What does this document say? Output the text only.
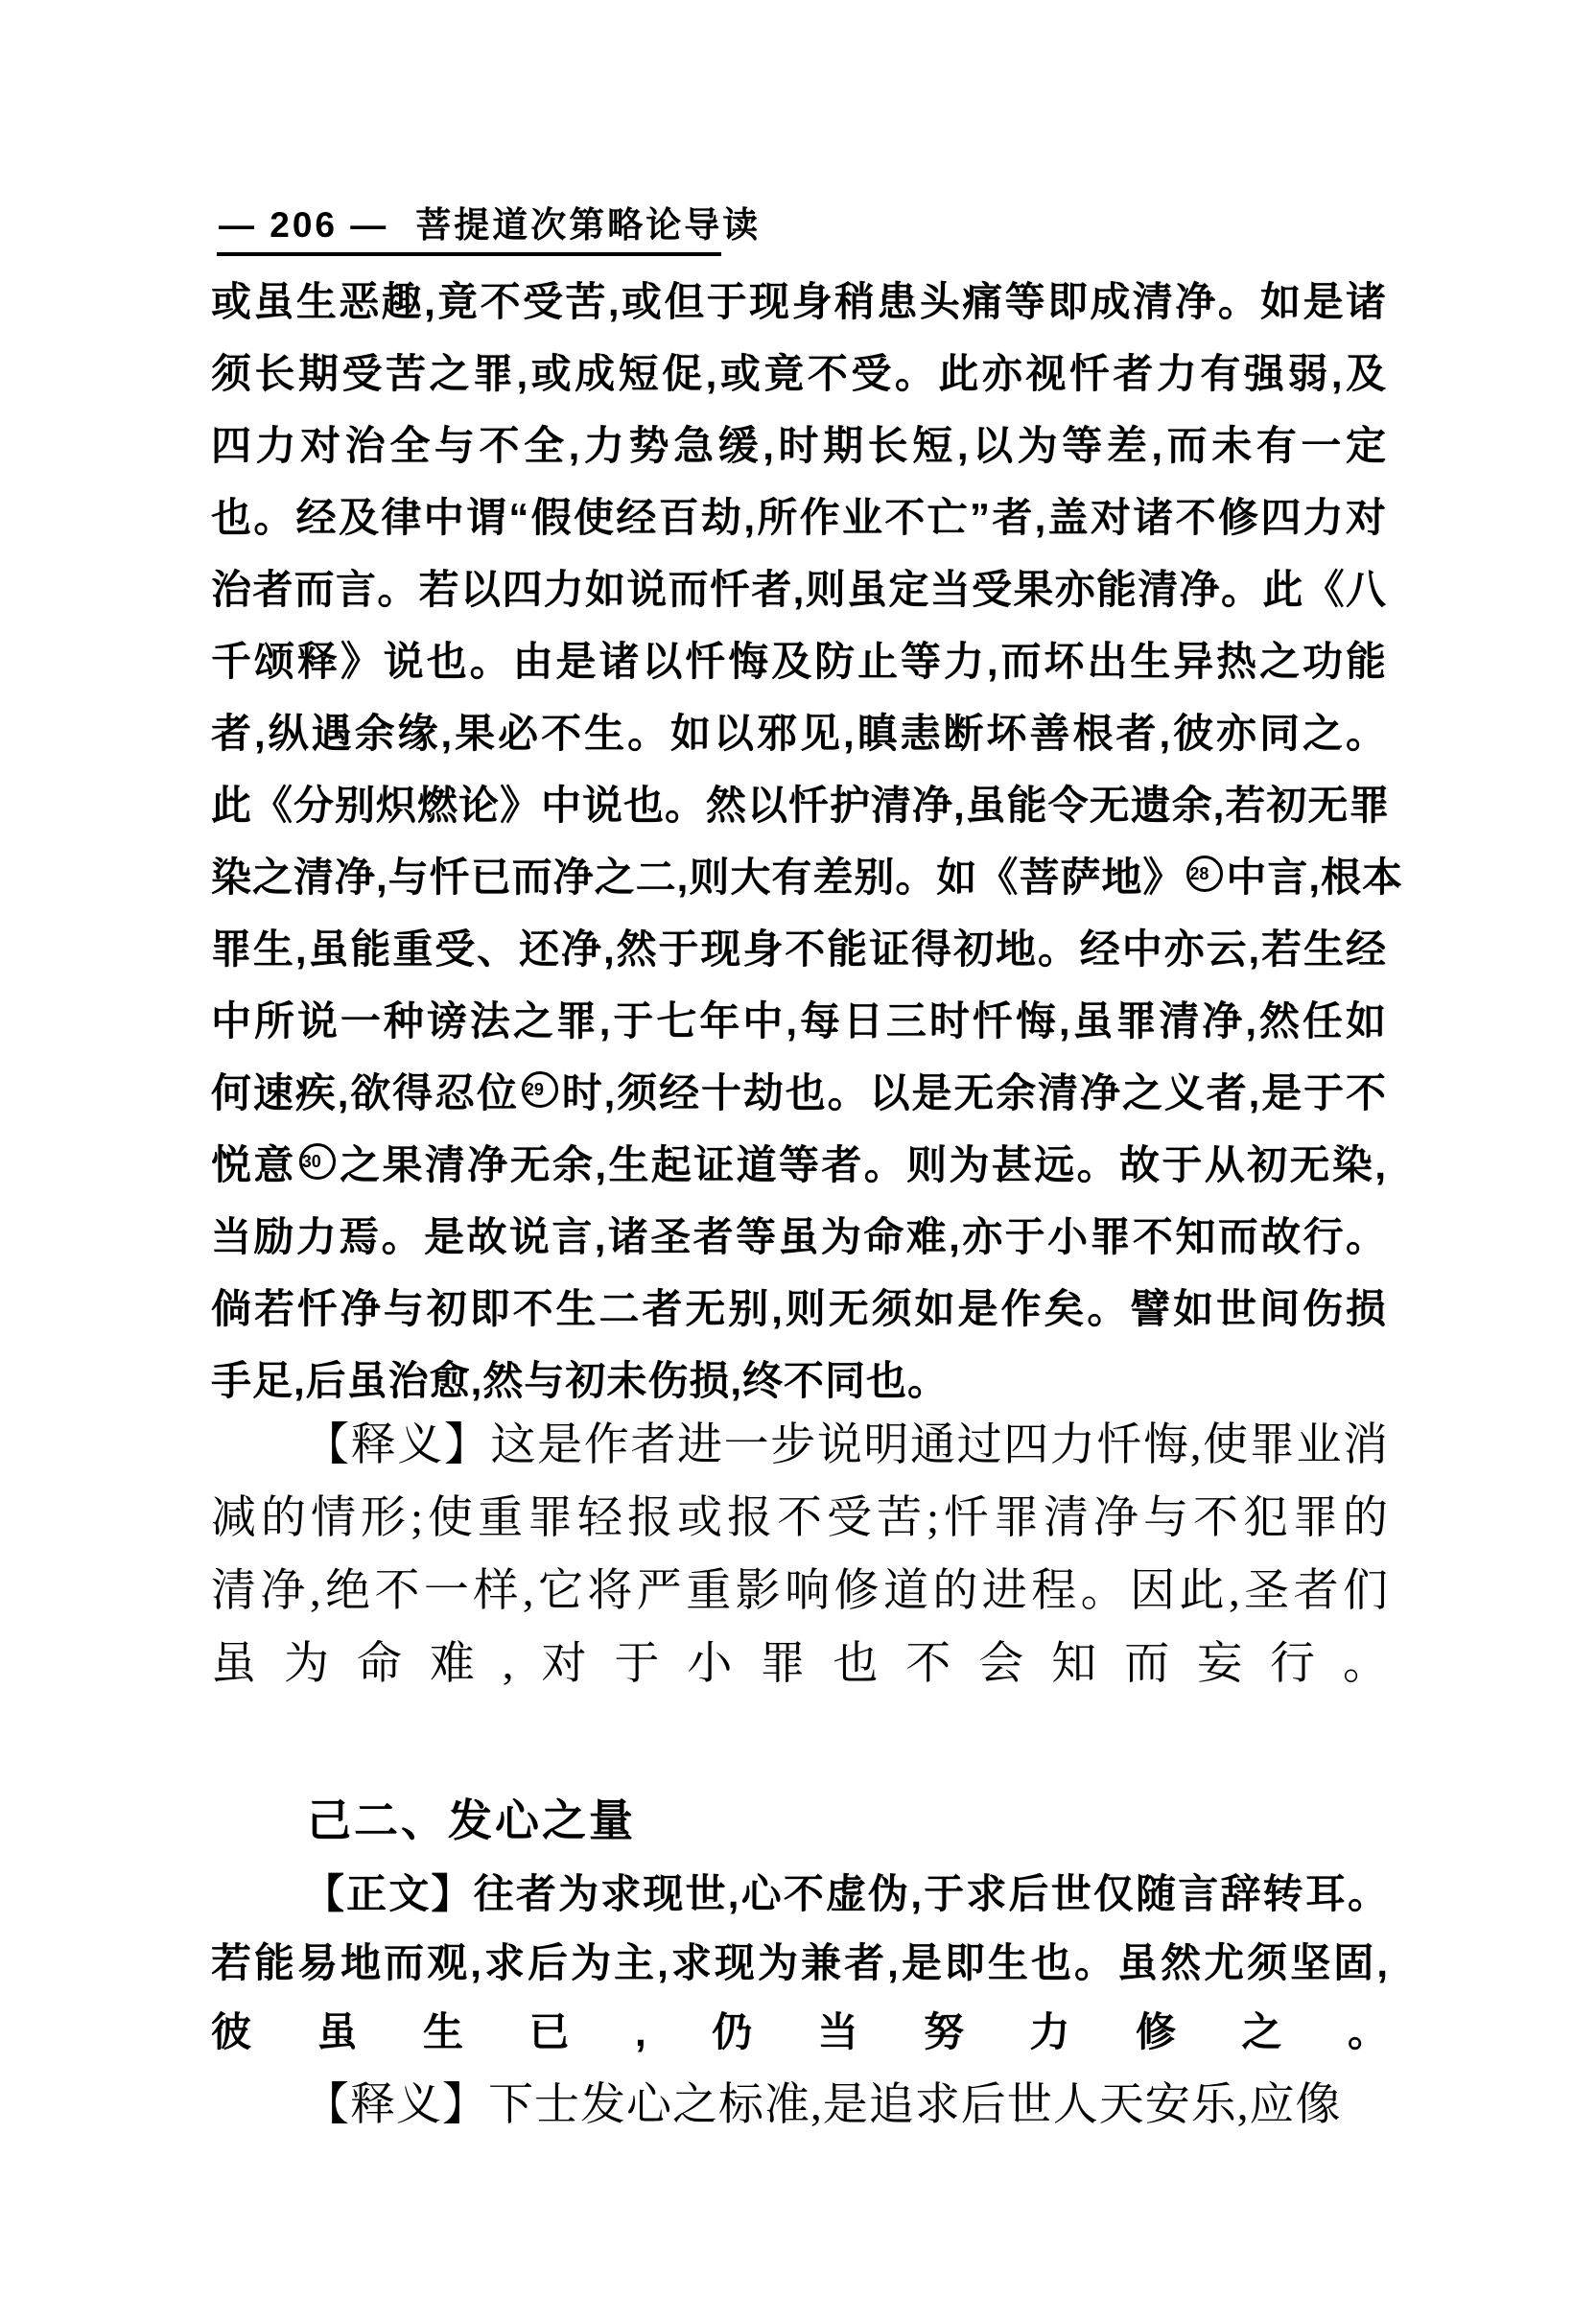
— 206 — 菩提道次第略论导读
或虽生恶趣,竟不受苦,或但于现身稍患头痛等即成清净。如是诸
须长期受苦之罪,或成短促,或竟不受。此亦视忏者力有强弱,及
四力对治全与不全,力势急缓,时期长短,以为等差,而未有一定
也。经及律中谓“假使经百劫,所作业不亡”者,盖对诸不修四力对
治者而言。若以四力如说而忏者,则虽定当受果亦能清净。此《八
千颂释》说也。由是诸以忏悔及防止等力,而坏出生异热之功能
者,纵遇余缘,果必不生。如以邪见,瞋恚断坏善根者,彼亦同之。
此《分别炽燃论》中说也。然以忏护清净,虽能令无遗余,若初无罪
染之清净,与忏已而净之二,则大有差别。如《菩萨地》 28 中言,根本
罪生,虽能重受、还净,然于现身不能证得初地。经中亦云,若生经
中所说一种谤法之罪,于七年中,每日三时忏悔,虽罪清净,然任如
何速疾,欲得忍位 29 时,须经十劫也。以是无余清净之义者,是于不
悦意 30 之果清净无余,生起证道等者。则为甚远。故于从初无染,
当励力焉。是故说言,诸圣者等虽为命难,亦于小罪不知而故行。
倘若忏净与初即不生二者无别,则无须如是作矣。譬如世间伤损
手足,后虽治愈,然与初未伤损,终不同也。
【释义】这是作者进一步说明通过四力忏悔,使罪业消
减的情形;使重罪轻报或报不受苦;忏罪清净与不犯罪的
清净,绝不一样,它将严重影响修道的进程。因此,圣者们
虽为命难,对于小罪也不会知而妄行。
己二、发心之量
【正文】往者为求现世,心不虚伪,于求后世仅随言辞转耳。
若能易地而观,求后为主,求现为兼者,是即生也。虽然尤须坚固,
彼虽生已,仍当努力修之。
【释义】下士发心之标准,是追求后世人天安乐,应像
